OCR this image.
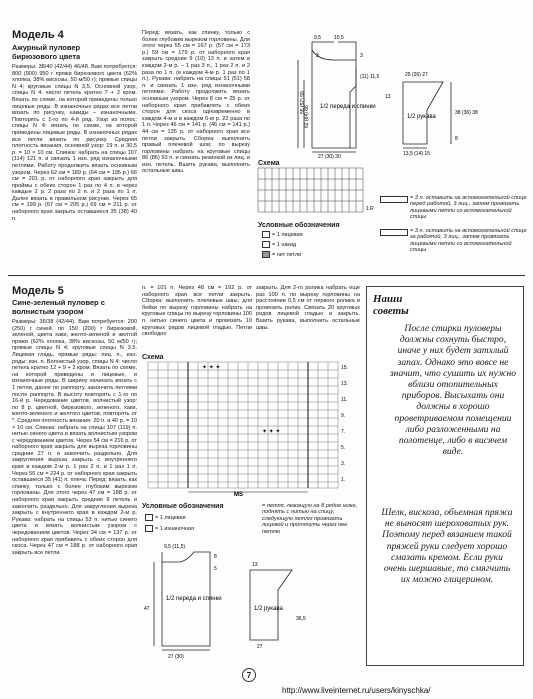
Модель 4
Ажурный пуловер бирюзового цвета
Размеры: 38/40 (42/44) 46/48. Вам потребуется: 800 (900) 950 г пряжи бирюзового цвета (62% хлопка, 38% вискозы, 50 м/50 г); прямые спицы N 4; круговые спицы N 3,5. Основной узор, спицы N 4: число петель кратно 7 + 2 кром. Вязать по схеме, на которой приведены только лицевые ряды. В изнаночных рядах все петли вязать по рисунку, накиды – изнаночными. Повторять с 1-го по 4-й ряд. Узор из полос: спицы N 4: вязать по схеме, на которой приведены лицевые ряды. В изнаночных рядах все петли вязать по рисунку. Средняя плотность вязания, основной узор: 19 п. и 30,5 р. = 10 × 10 см. Спинка: набрать на спицы 107 (114) 121 п. и связать 1 изн. ряд изнаночными петлями. Работу продолжить вязать основным узором. Через 62 см = 189 р. (64 см = 195 р.) 66 см = 201 р. от наборного края закрыть для проймы с обеих сторон 1 раз по 4 п. и через каждые 2 р. 2 раза по 2 п. и 2 раза по 1 п. Далее вязать в правильном рисунке. Через 65 см = 199 р. (67 см = 205 р.) 69 см = 211 р. от наборного края закрыть оставшиеся 35 (38) 40 п.
Перед: вязать, как спинку, только с более глубоким вырезом горловины. Для этого через 55 см = 167 р. (57 см = 173 р.) 59 см = 179 р. от наборного края закрыть средние 9 (10) 13 п. и затем в каждом 2-м р. – 1 раз 3 п., 1 раз 2 п. и 2 раза по 1 п. (в каждом 4-м р. 1 раз по 1 п.). Рукава: набрать на спицы 51 (51) 58 п. и связать 1 изн. ряд изнаночными петлями. Работу продолжить вязать основным узором. Через 8 см = 25 р. от наборного края прибавлять с обеих сторон для скоса одновременно в каждом 4-м и в каждом 6-м р. 22 раза по 1 п. Через 46 см = 141 р. (46 см = 141 р.) 44 см = 135 р. от наборного края все петли закрыть. Сборка: выполнить правый плечевой шов; по вырезу горловины набрать на круговые спицы 86 (86) 93 п. и связать резинкой из лиц. и изн. петель. Вшить рукава, выполнить остальные швы.
9,5	10,5
3	3
(11) 11,5
1/2 переда и спинки
55 (57) 59
62 (64) 66
27 (30) 30
25 (26) 27
13
1/2 рукава
38 (36) 38
8
13,5 (14) 15
Схема
1.R
Условные обозначения
= 1 лицевая
= 1 накид
= нет петли
= 3 п. оставить на вспомогательной спице перед работой, 3 лиц., затем провязать лицевыми петли со вспомогательной спицы
= 3 п. оставить на вспомогательной спице за работой, 3 лиц., затем провязать лицевыми петли со вспомогательной спицы
Модель 5
Сине-зеленый пуловер с волнистым узором
Размеры: 36/38 (42/44). Вам потребуется: 200 (250) г синей, по 150 (200) г бирюзовой, зеленой, цвета хаки, желто-зеленой и желтой пряжи (62% хлопка, 38% вискозы, 50 м/50 г); прямые спицы N 4; круговые спицы N 3,5. Лицевая гладь, прямые ряды: лиц. п., изн. ряды: изн. п. Волнистый узор, спицы N 4: число петель кратно 12 + 9 + 2 кром. Вязать по схеме, на которой приведены и лицевые, и изнаночные ряды. В ширину начинать вязать с 1 петли, далее по раппорту, закончить петлями после раппорта. В высоту повторять с 1-го по 16-й р. Чередование цветов, волнистый узор: по 8 р. цветной, бирюзового, зеленого, хаки, желто-зеленого и желтого цветов, повторять от *. Средняя плотность вязания: 20 п. и 40 р. = 10 × 10 см. Спинка: набрать на спицы 107 (119) п. нитью синего цвета и вязать волнистым узором с чередованием цветов. Через 54 см = 216 р. от наборного края закрыть для выреза горловины средние 27 п. и закончить раздельно. Для закругления выреза закрыть с внутреннего края в каждом 2-м р. 1 раз 2 п. и 1 раз 1 п. Через 56 см = 224 р. от наборного края закрыть оставшиеся 35 (41) п. плеча. Перед: вязать, как спинку, только с более глубоким вырезом горловины. Для этого через 47 см = 188 р. от наборного края закрыть средние 9 петель и закончить раздельно. Для закругления выреза закрыть с внутреннего края в каждом 2-м р. Рукава: набрать на спицы 53 п. нитью синего цвета и вязать волнистым узором с чередованием цветов. Через 34 см = 137 р. от наборного края прибавить с обеих сторон для скоса. Через 47 см = 188 р. от наборного края закрыть все петли.
п. = 101 п. Через 48 см = 192 р. от наборного края все петли закрыть. Сборка: выполнить плечевые швы; для бейки по вырезу горловины набрать на круговые спицы по вырезу горловины 100 п. нитью синего цвета и провязать 10 круговых рядов лицевой гладью. Петли свободно
закрыть. Для 2-го ролика набрать еще раз 100 п. по вырезу горловины на расстоянии 0,5 см от первого ролика и провязать ролик. Связать 20 круговых рядов лицевой гладью и закрыть. Вшить рукава, выполнить остальные швы.
Наши советы
После стирки пуловеры должны сохнуть быстро, иначе у них будет затхлый запах. Однако это вовсе не значит, что сушить их нужно вблизи отопительных приборов. Высыхать они должны в хорошо проветриваемом помещении либо разложенными на полотенце, либо в висячем виде.
Шелк, вискоза, объемная пряжа не выносят шероховатых рук. Поэтому перед вязанием такой пряжей руки следует хорошо смазать кремом. Если руки очень шершавые, то смягчить их можно глицерином.
Схема
✦ ✦ ✦
✦ ✦ ✦
15.
13.
11.
9.
7.
5.
3.
1.
MS
Условные обозначения
= 1 лицевая
= 1 изнаночная
= петля, лежащую на 8 рядов ниже, поднять с нитью на спицу, следующую петлю провязать лицевой и протянуть через нее петлю
9,5 (11,5)
8
5
47
1/2 переда и спинки
1/2 рукава
27 (30)
36,5
13
27
7
http://www.liveinternet.ru/users/kinyschka/
